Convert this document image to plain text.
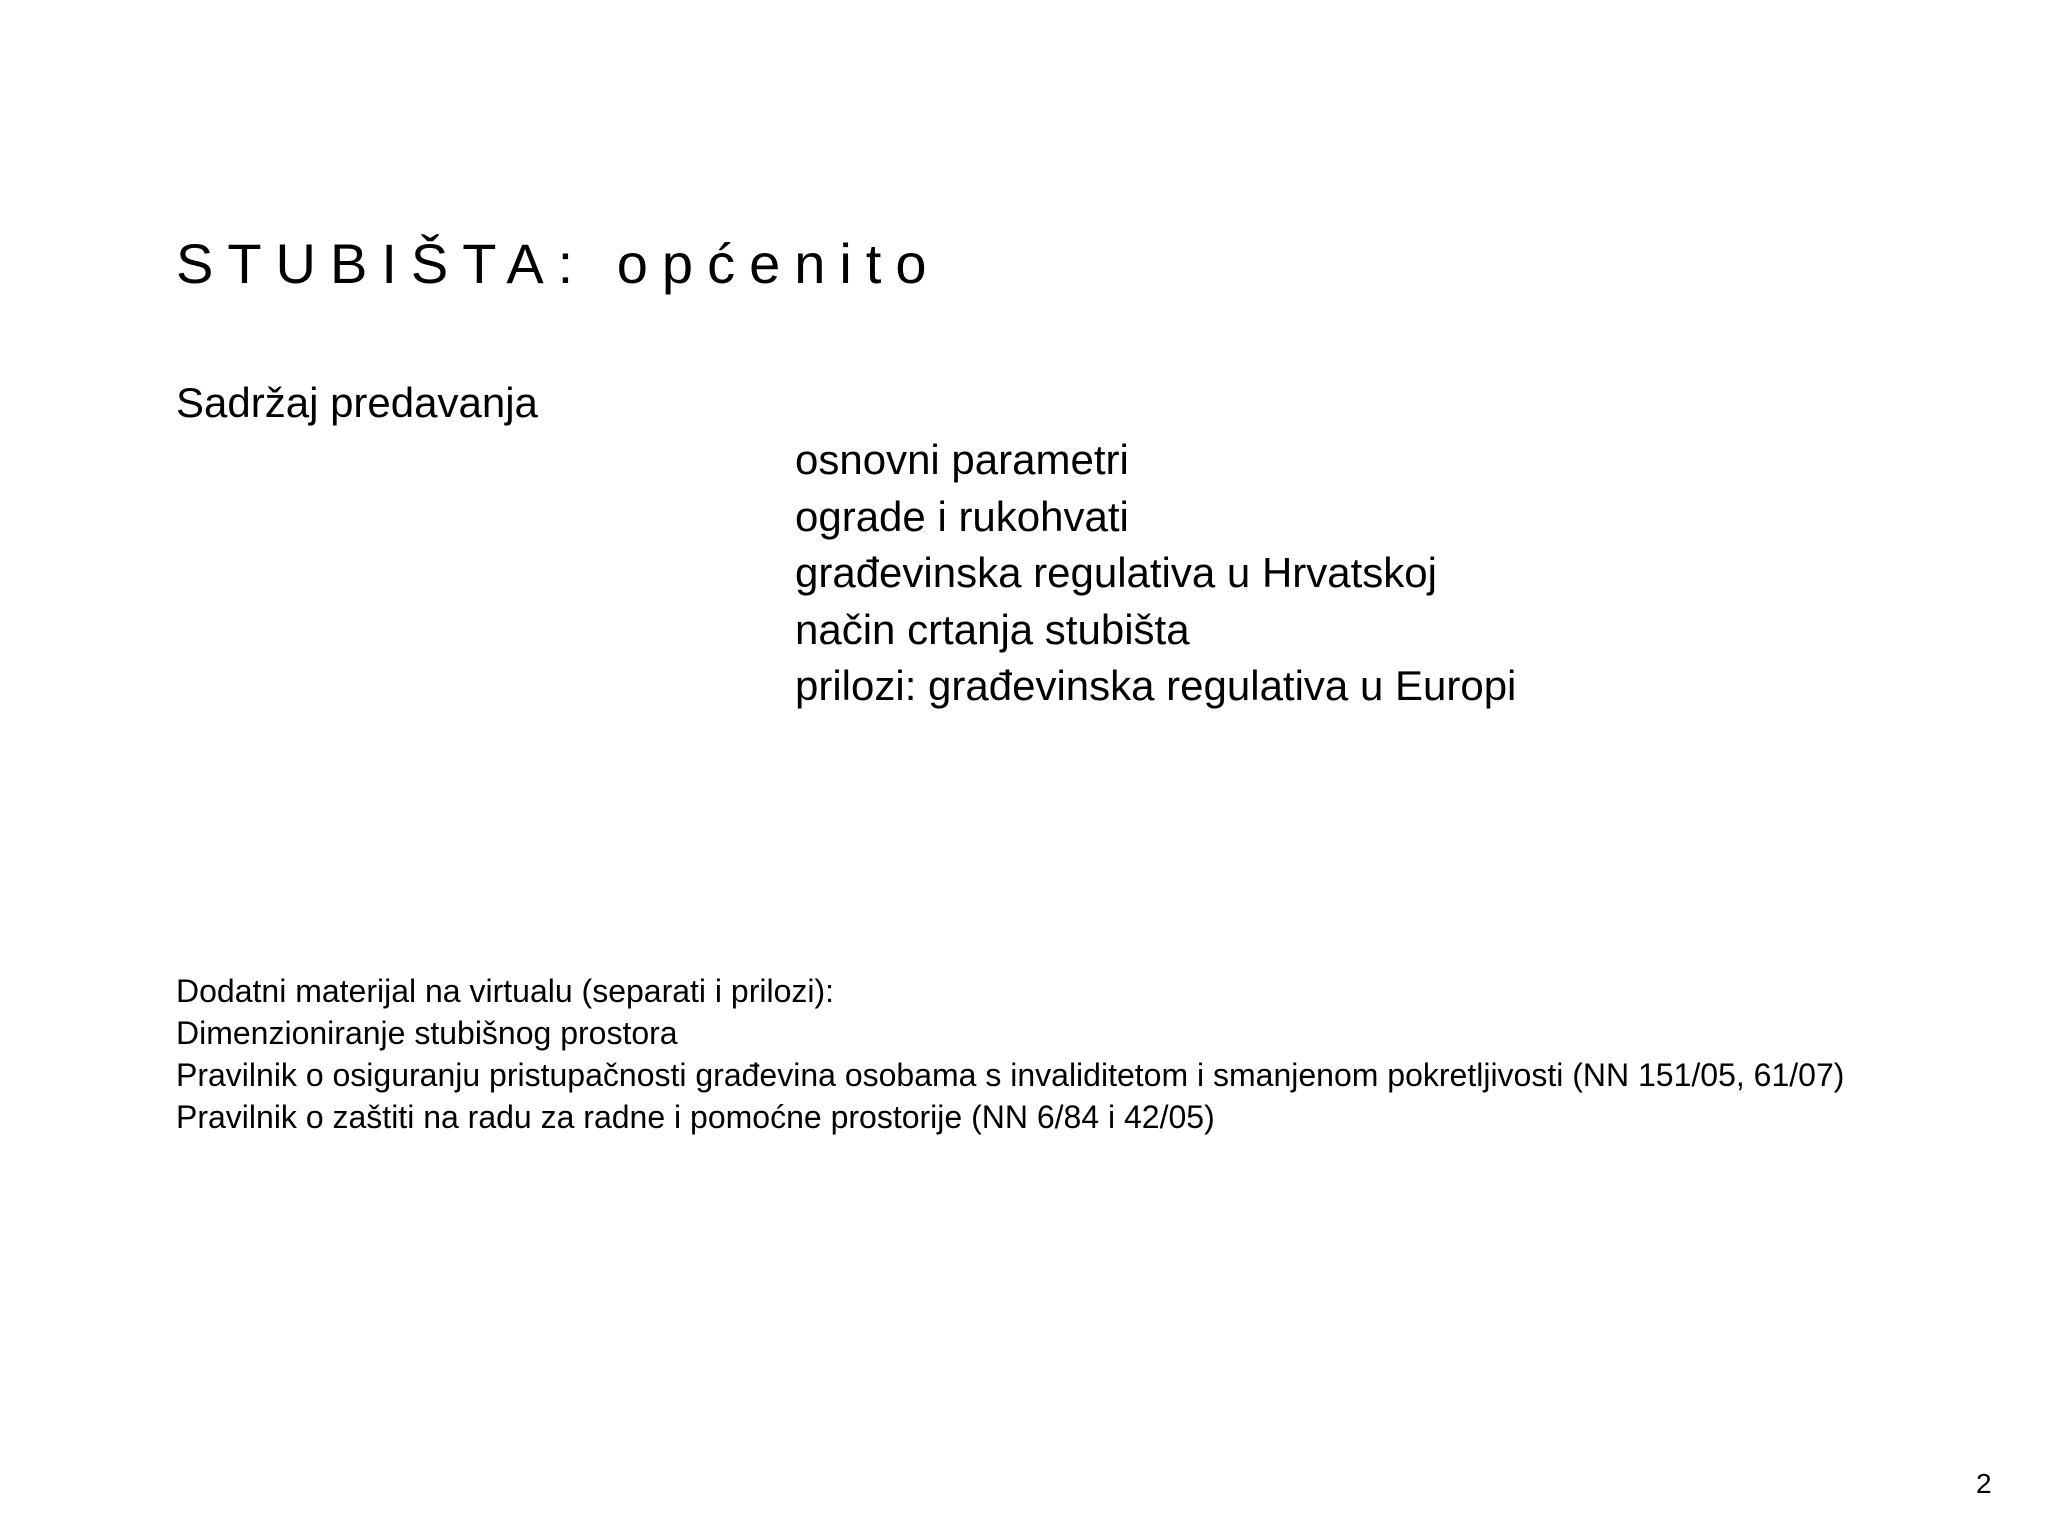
STUBIŠTA: općenito
Sadržaj predavanja
osnovni parametri
ograde i rukohvati
građevinska regulativa u Hrvatskoj
način crtanja stubišta
prilozi: građevinska regulativa u Europi
Dodatni materijal na virtualu (separati i prilozi):
Dimenzioniranje stubišnog prostora
Pravilnik o osiguranju pristupačnosti građevina osobama s invaliditetom i smanjenom pokretljivosti (NN 151/05, 61/07)
Pravilnik o zaštiti na radu za radne i pomoćne prostorije (NN 6/84 i 42/05)
2
